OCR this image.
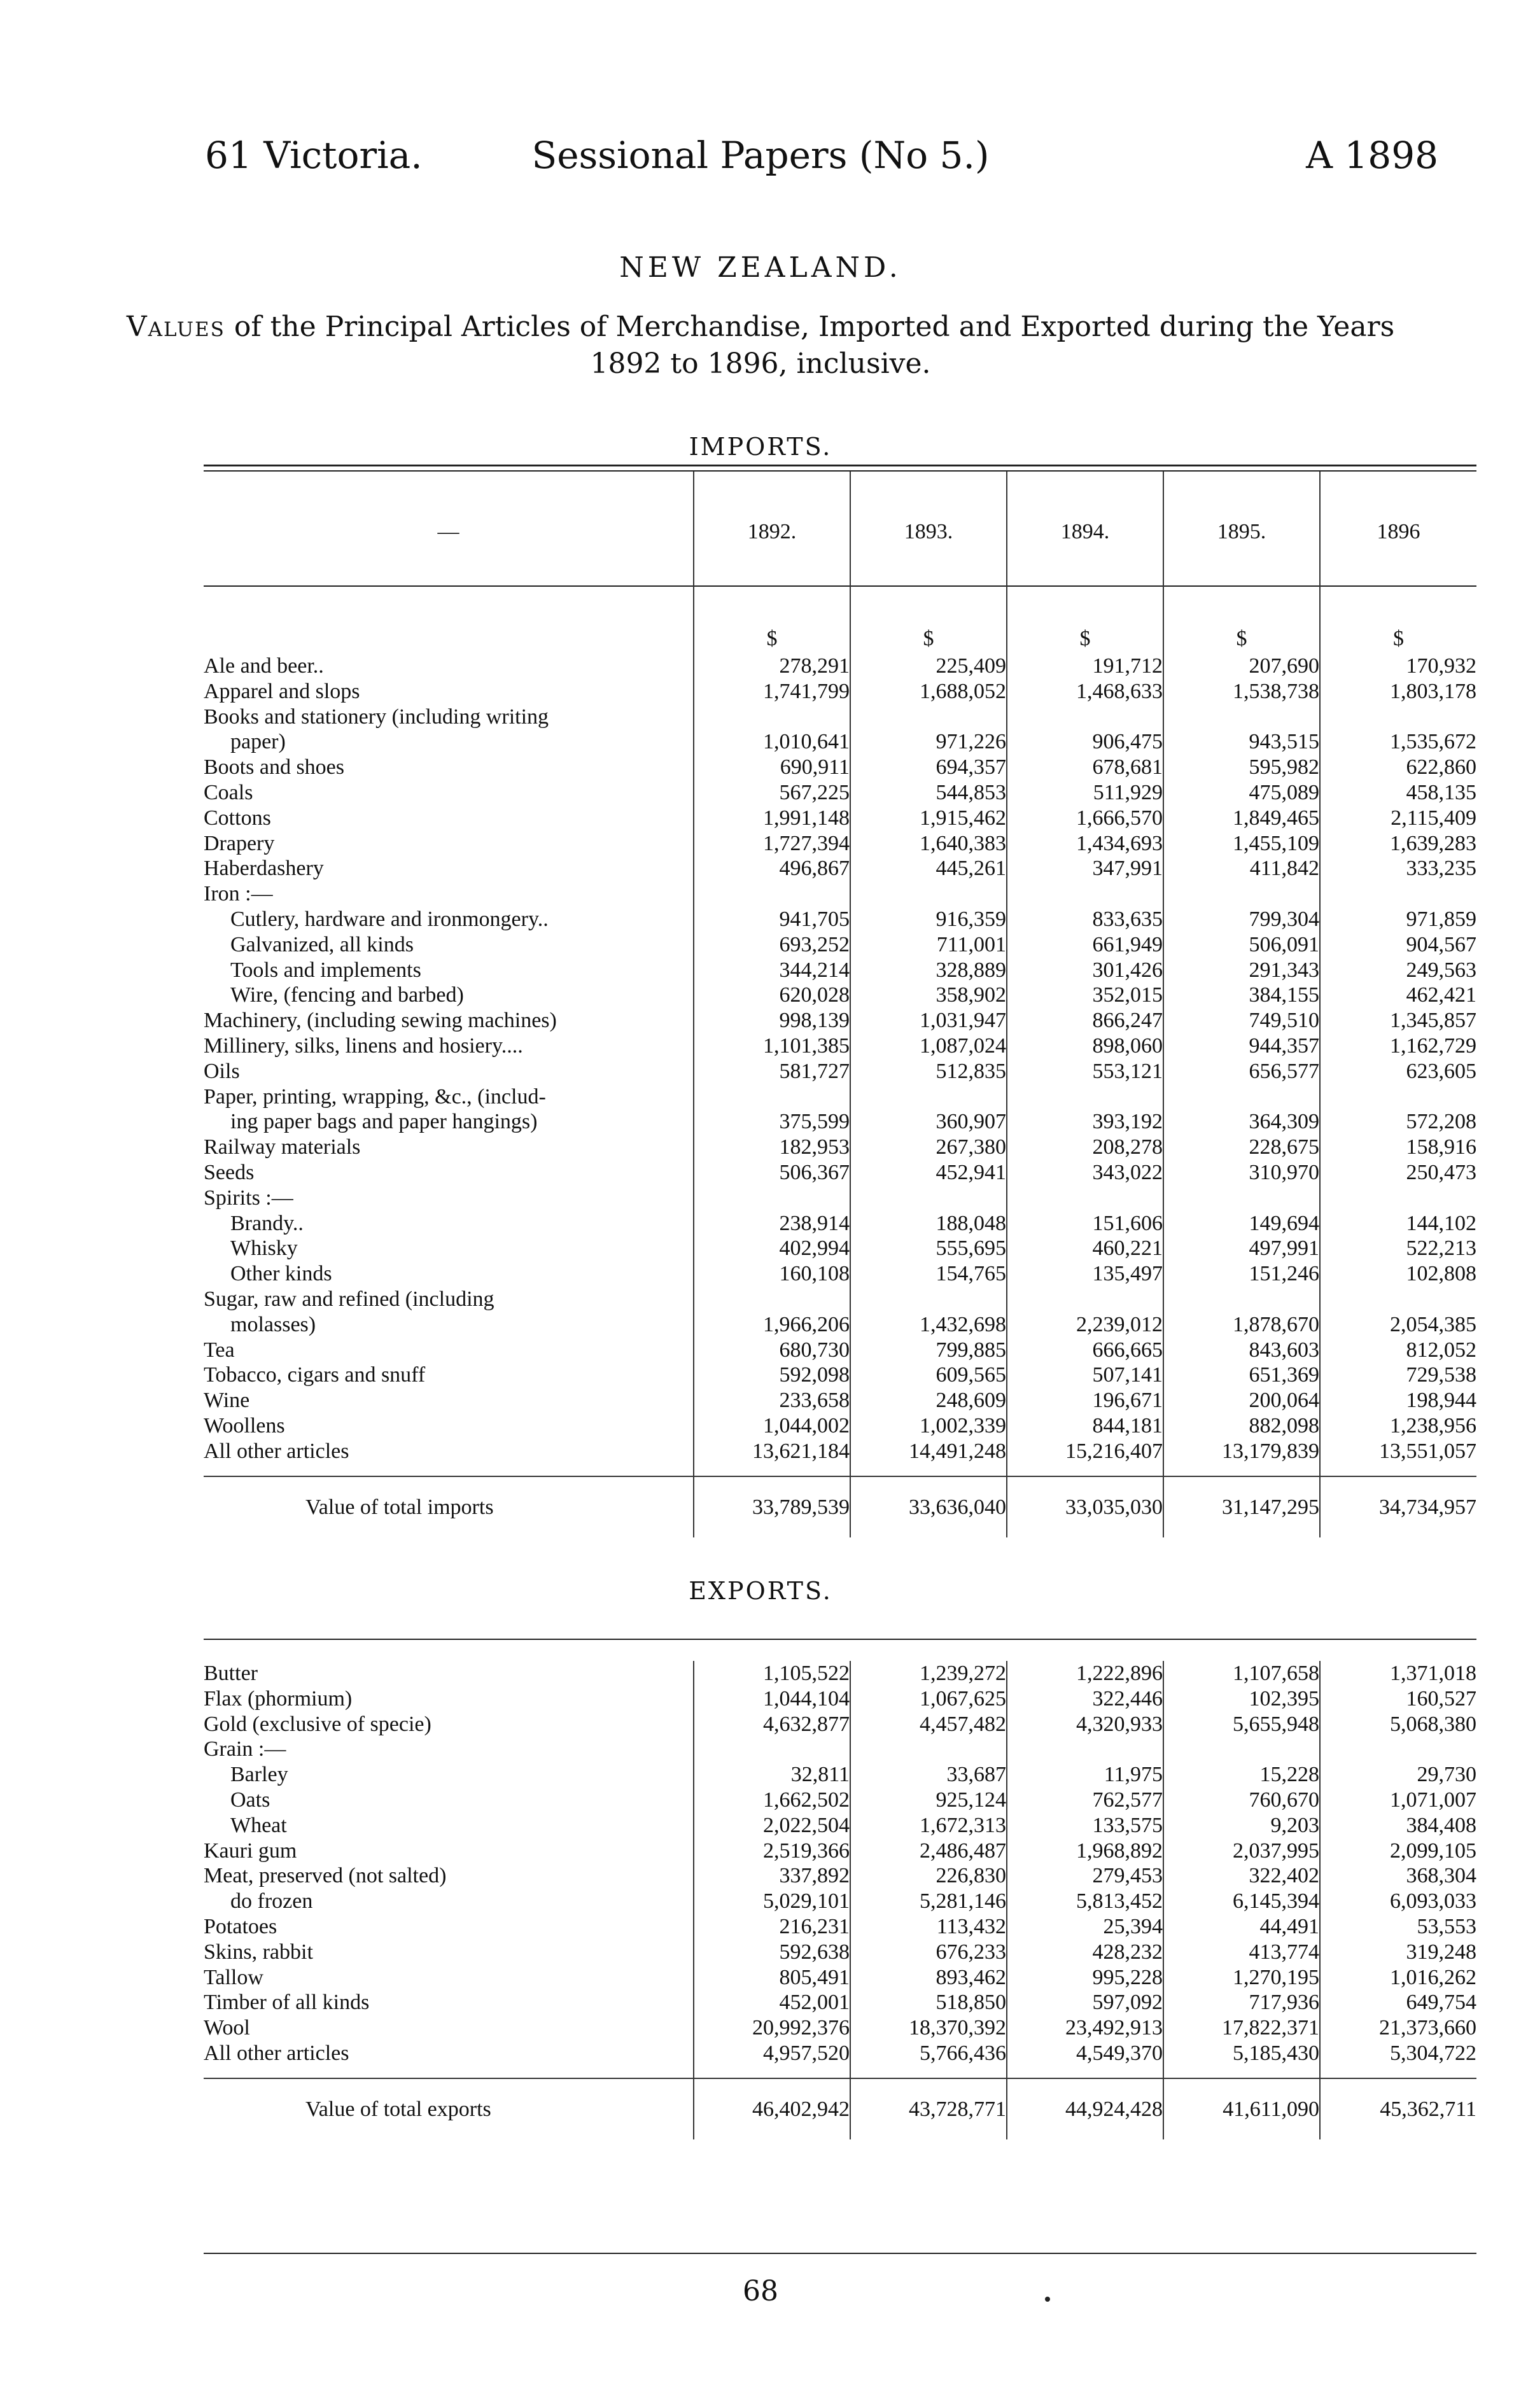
61 Victoria.	Sessional Papers (No 5.)	A 1898
NEW ZEALAND.
Values of the Principal Articles of Merchandise, Imported and Exported during the Years 1892 to 1896, inclusive.
IMPORTS.
—	1892.	1893.	1894.	1895.	1896
	$	$	$	$	$
Ale and beer..	278,291	225,409	191,712	207,690	170,932
Apparel and slops	1,741,799	1,688,052	1,468,633	1,538,738	1,803,178
Books and stationery (including writing					
paper)	1,010,641	971,226	906,475	943,515	1,535,672
Boots and shoes	690,911	694,357	678,681	595,982	622,860
Coals	567,225	544,853	511,929	475,089	458,135
Cottons	1,991,148	1,915,462	1,666,570	1,849,465	2,115,409
Drapery	1,727,394	1,640,383	1,434,693	1,455,109	1,639,283
Haberdashery	496,867	445,261	347,991	411,842	333,235
Iron :—					
Cutlery, hardware and ironmongery..	941,705	916,359	833,635	799,304	971,859
Galvanized, all kinds	693,252	711,001	661,949	506,091	904,567
Tools and implements	344,214	328,889	301,426	291,343	249,563
Wire, (fencing and barbed)	620,028	358,902	352,015	384,155	462,421
Machinery, (including sewing machines)	998,139	1,031,947	866,247	749,510	1,345,857
Millinery, silks, linens and hosiery....	1,101,385	1,087,024	898,060	944,357	1,162,729
Oils	581,727	512,835	553,121	656,577	623,605
Paper, printing, wrapping, &c., (includ-					
ing paper bags and paper hangings)	375,599	360,907	393,192	364,309	572,208
Railway materials	182,953	267,380	208,278	228,675	158,916
Seeds	506,367	452,941	343,022	310,970	250,473
Spirits :—					
Brandy..	238,914	188,048	151,606	149,694	144,102
Whisky	402,994	555,695	460,221	497,991	522,213
Other kinds	160,108	154,765	135,497	151,246	102,808
Sugar, raw and refined (including					
molasses)	1,966,206	1,432,698	2,239,012	1,878,670	2,054,385
Tea	680,730	799,885	666,665	843,603	812,052
Tobacco, cigars and snuff	592,098	609,565	507,141	651,369	729,538
Wine	233,658	248,609	196,671	200,064	198,944
Woollens	1,044,002	1,002,339	844,181	882,098	1,238,956
All other articles	13,621,184	14,491,248	15,216,407	13,179,839	13,551,057

Value of total imports	33,789,539	33,636,040	33,035,030	31,147,295	34,734,957
EXPORTS.
Butter	1,105,522	1,239,272	1,222,896	1,107,658	1,371,018
Flax (phormium)	1,044,104	1,067,625	322,446	102,395	160,527
Gold (exclusive of specie)	4,632,877	4,457,482	4,320,933	5,655,948	5,068,380
Grain :—					
Barley	32,811	33,687	11,975	15,228	29,730
Oats	1,662,502	925,124	762,577	760,670	1,071,007
Wheat	2,022,504	1,672,313	133,575	9,203	384,408
Kauri gum	2,519,366	2,486,487	1,968,892	2,037,995	2,099,105
Meat, preserved (not salted)	337,892	226,830	279,453	322,402	368,304
do frozen	5,029,101	5,281,146	5,813,452	6,145,394	6,093,033
Potatoes	216,231	113,432	25,394	44,491	53,553
Skins, rabbit	592,638	676,233	428,232	413,774	319,248
Tallow	805,491	893,462	995,228	1,270,195	1,016,262
Timber of all kinds	452,001	518,850	597,092	717,936	649,754
Wool	20,992,376	18,370,392	23,492,913	17,822,371	21,373,660
All other articles	4,957,520	5,766,436	4,549,370	5,185,430	5,304,722

Value of total exports	46,402,942	43,728,771	44,924,428	41,611,090	45,362,711
68
